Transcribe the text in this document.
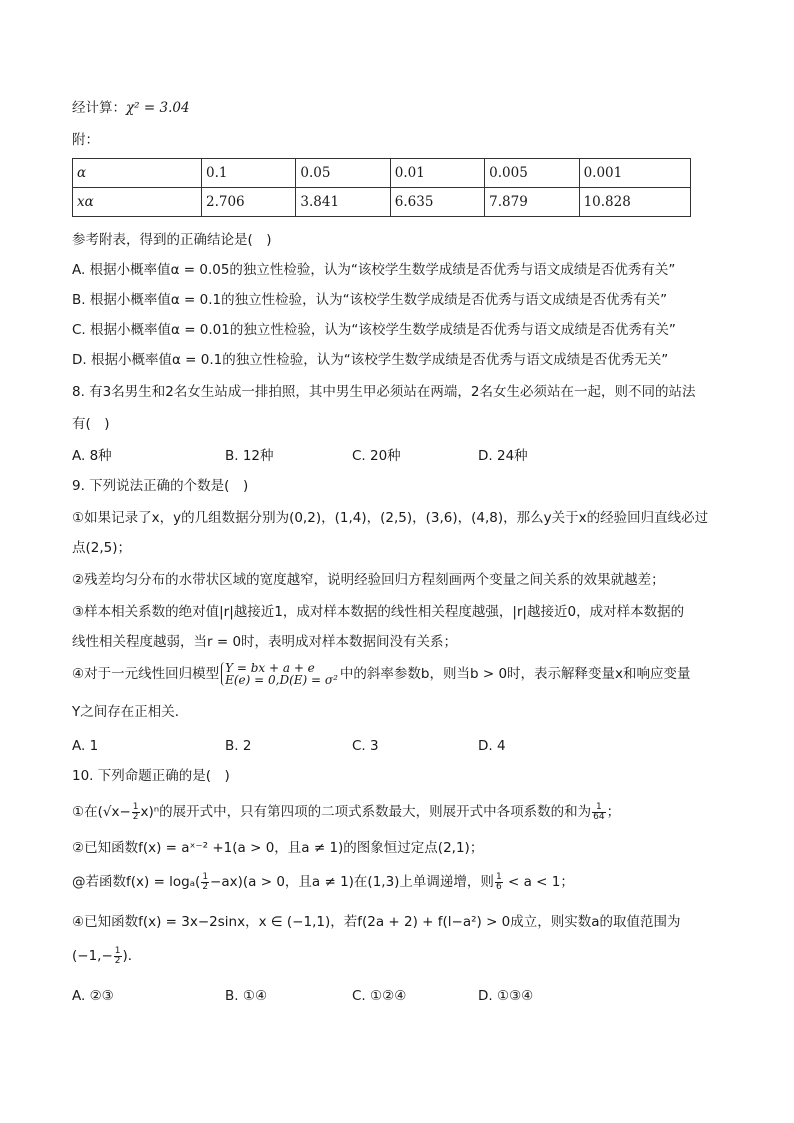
经计算：χ² = 3.04
附：
α	0.1	0.05	0.01	0.005	0.001
xα	2.706	3.841	6.635	7.879	10.828
参考附表，得到的正确结论是(　)
A. 根据小概率值α = 0.05的独立性检验，认为“该校学生数学成绩是否优秀与语文成绩是否优秀有关”
B. 根据小概率值α = 0.1的独立性检验，认为“该校学生数学成绩是否优秀与语文成绩是否优秀有关”
C. 根据小概率值α = 0.01的独立性检验，认为“该校学生数学成绩是否优秀与语文成绩是否优秀有关”
D. 根据小概率值α = 0.1的独立性检验，认为“该校学生数学成绩是否优秀与语文成绩是否优秀无关”
8. 有3名男生和2名女生站成一排拍照，其中男生甲必须站在两端，2名女生必须站在一起，则不同的站法
有(　)
A. 8种	B. 12种	C. 20种	D. 24种
9. 下列说法正确的个数是(　)
①如果记录了x，y的几组数据分别为(0,2)，(1,4)，(2,5)，(3,6)，(4,8)，那么y关于x的经验回归直线必过
点(2,5)；
②残差均匀分布的水带状区域的宽度越窄，说明经验回归方程刻画两个变量之间关系的效果就越差；
③样本相关系数的绝对值|r|越接近1，成对样本数据的线性相关程度越强，|r|越接近0，成对样本数据的
线性相关程度越弱，当r = 0时，表明成对样本数据间没有关系；
④对于一元线性回归模型 Y = bx + a + e
E(e) = 0,D(E) = σ² 中的斜率参数b，则当b > 0时，表示解释变量x和响应变量
Y之间存在正相关．
A. 1	B. 2	C. 3	D. 4
10. 下列命题正确的是(　)
①在$(√x- \frac{1}{2} x)^n$的展开式中，只有第四项的二项式系数最大，则展开式中各项系数的和为 $\frac{1}{64}$ ；
②已知函数f(x) = aˣ⁻² +1(a > 0，且a ≠ 1)的图象恒过定点(2,1)；
@若函数$f(x) = \log_a( \frac{1}{2} -ax)(a > 0$，且a ≠ 1)在(1,3)上单调递增，则 $\frac{1}{6} < a < 1$；
④已知函数f(x) = 3x−2sinx，x ∈ (−1,1)，若f(2a + 2) + f(l−a²) > 0成立，则实数a的取值范围为
($-1,- \frac{1}{2}$ )．
A. ②③	B. ①④	C. ①②④	D. ①③④
